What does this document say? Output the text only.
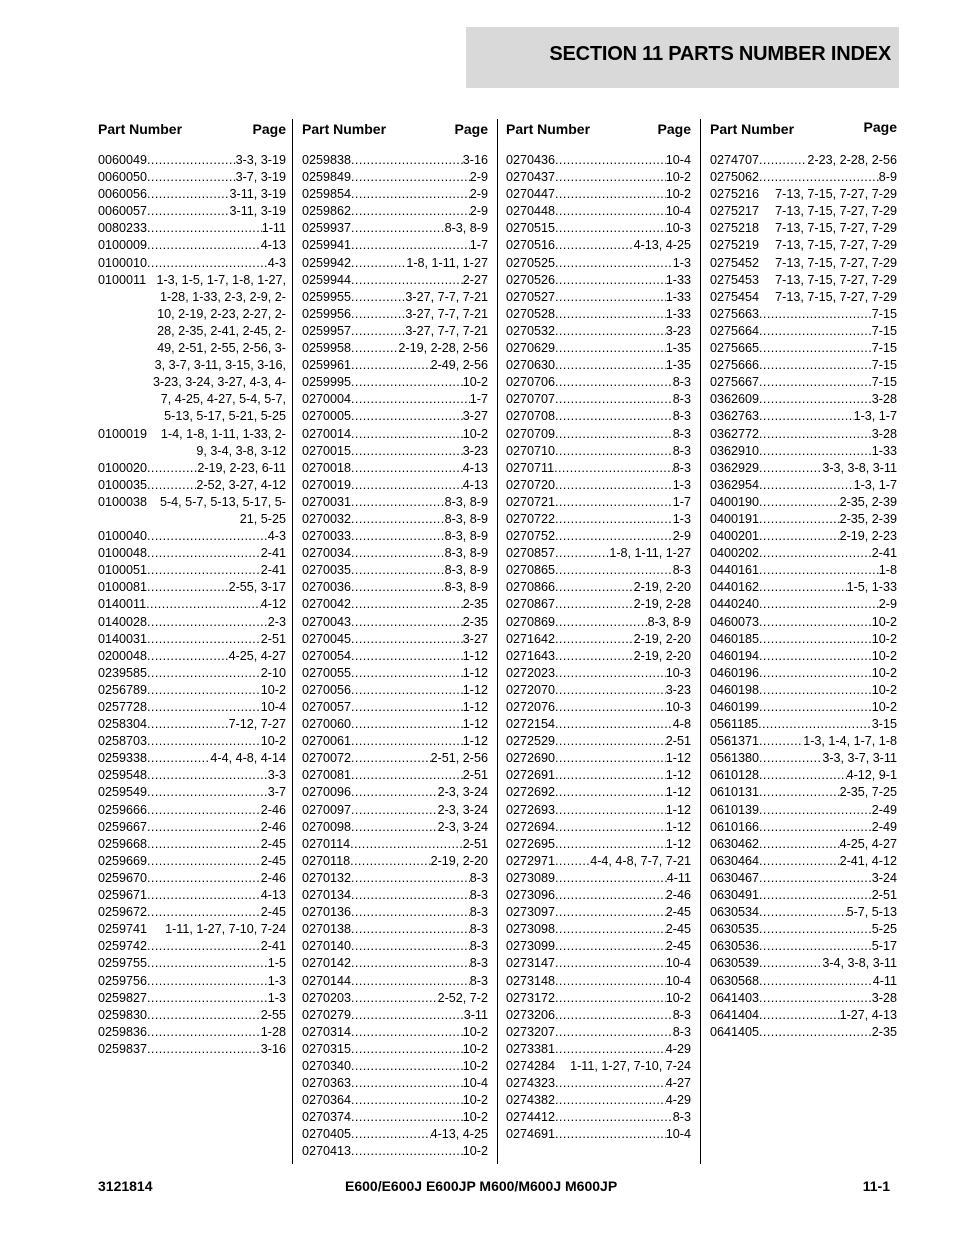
SECTION 11 PARTS NUMBER INDEX
Part Number	Page
0060049 .....	3-3, 3-19
0060050 .....	3-7, 3-19
0060056 .....	3-11, 3-19
0060057 .....	3-11, 3-19
0080233 .....	1-11
0100009 .....	4-13
0100010 .....	4-3
0100011 1-3, 1-5, 1-7, 1-8, 1-27, 1-28, 1-33, 2-3, 2-9, 2-10, 2-19, 2-23, 2-27, 2-28, 2-35, 2-41, 2-45, 2-49, 2-51, 2-55, 2-56, 3-3, 3-7, 3-11, 3-15, 3-16, 3-23, 3-24, 3-27, 4-3, 4-7, 4-25, 4-27, 5-4, 5-7, 5-13, 5-17, 5-21, 5-25
0100019	1-4, 1-8, 1-11, 1-33, 2-9, 3-4, 3-8, 3-12
0100020 .....	2-19, 2-23, 6-11
0100035 .....	2-52, 3-27, 4-12
0100038	5-4, 5-7, 5-13, 5-17, 5-21, 5-25
0100040 .....	4-3
0100048 .....	2-41
0100051 .....	2-41
0100081 .....	2-55, 3-17
0140011 .....	4-12
0140028 .....	2-3
0140031 .....	2-51
0200048 .....	4-25, 4-27
0239585 .....	2-10
0256789 .....	10-2
0257728 .....	10-4
0258304 .....	7-12, 7-27
0258703 .....	10-2
0259338 .....	4-4, 4-8, 4-14
0259548 .....	3-3
0259549 .....	3-7
0259666 .....	2-46
0259667 .....	2-46
0259668 .....	2-45
0259669 .....	2-45
0259670 .....	2-46
0259671 .....	4-13
0259672 .....	2-45
0259741	1-11, 1-27, 7-10, 7-24
0259742 .....	2-41
0259755 .....	1-5
0259756 .....	1-3
0259827 .....	1-3
0259830 .....	2-55
0259836 .....	1-28
0259837 .....	3-16
Part Number	Page
0259838 .....	3-16
0259849 .....	2-9
0259854 .....	2-9
0259862 .....	2-9
0259937 .....	8-3, 8-9
0259941 .....	1-7
0259942 .....	1-8, 1-11, 1-27
0259944 .....	2-27
0259955 .....	3-27, 7-7, 7-21
0259956 .....	3-27, 7-7, 7-21
0259957 .....	3-27, 7-7, 7-21
0259958 .....	2-19, 2-28, 2-56
0259961 .....	2-49, 2-56
0259995 .....	10-2
0270004 .....	1-7
0270005 .....	3-27
0270014 .....	10-2
0270015 .....	3-23
0270018 .....	4-13
0270019 .....	4-13
0270031 .....	8-3, 8-9
0270032 .....	8-3, 8-9
0270033 .....	8-3, 8-9
0270034 .....	8-3, 8-9
0270035 .....	8-3, 8-9
0270036 .....	8-3, 8-9
0270042 .....	2-35
0270043 .....	2-35
0270045 .....	3-27
0270054 .....	1-12
0270055 .....	1-12
0270056 .....	1-12
0270057 .....	1-12
0270060 .....	1-12
0270061 .....	1-12
0270072 .....	2-51, 2-56
0270081 .....	2-51
0270096 .....	2-3, 3-24
0270097 .....	2-3, 3-24
0270098 .....	2-3, 3-24
0270114 .....	2-51
0270118 .....	2-19, 2-20
0270132 .....	8-3
0270134 .....	8-3
0270136 .....	8-3
0270138 .....	8-3
0270140 .....	8-3
0270142 .....	8-3
0270144 .....	8-3
0270203 .....	2-52, 7-2
0270279 .....	3-11
0270314 .....	10-2
0270315 .....	10-2
0270340 .....	10-2
0270363 .....	10-4
0270364 .....	10-2
0270374 .....	10-2
0270405 .....	4-13, 4-25
0270413 .....	10-2
Part Number	Page
0270436 .....	10-4
0270437 .....	10-2
0270447 .....	10-2
0270448 .....	10-4
0270515 .....	10-3
0270516 .....	4-13, 4-25
0270525 .....	1-3
0270526 .....	1-33
0270527 .....	1-33
0270528 .....	1-33
0270532 .....	3-23
0270629 .....	1-35
0270630 .....	1-35
0270706 .....	8-3
0270707 .....	8-3
0270708 .....	8-3
0270709 .....	8-3
0270710 .....	8-3
0270711 .....	8-3
0270720 .....	1-3
0270721 .....	1-7
0270722 .....	1-3
0270752 .....	2-9
0270857 .....	1-8, 1-11, 1-27
0270865 .....	8-3
0270866 .....	2-19, 2-20
0270867 .....	2-19, 2-28
0270869 .....	8-3, 8-9
0271642 .....	2-19, 2-20
0271643 .....	2-19, 2-20
0272023 .....	10-3
0272070 .....	3-23
0272076 .....	10-3
0272154 .....	4-8
0272529 .....	2-51
0272690 .....	1-12
0272691 .....	1-12
0272692 .....	1-12
0272693 .....	1-12
0272694 .....	1-12
0272695 .....	1-12
0272971 .....	4-4, 4-8, 7-7, 7-21
0273089 .....	4-11
0273096 .....	2-46
0273097 .....	2-45
0273098 .....	2-45
0273099 .....	2-45
0273147 .....	10-4
0273148 .....	10-4
0273172 .....	10-2
0273206 .....	8-3
0273207 .....	8-3
0273381 .....	4-29
0274284	1-11, 1-27, 7-10, 7-24
0274323 .....	4-27
0274382 .....	4-29
0274412 .....	8-3
0274691 .....	10-4
Part Number	Page
0274707 .....	2-23, 2-28, 2-56
0275062 .....	8-9
0275216	7-13, 7-15, 7-27, 7-29
0275217	7-13, 7-15, 7-27, 7-29
0275218	7-13, 7-15, 7-27, 7-29
0275219	7-13, 7-15, 7-27, 7-29
0275452	7-13, 7-15, 7-27, 7-29
0275453	7-13, 7-15, 7-27, 7-29
0275454	7-13, 7-15, 7-27, 7-29
0275663 .....	7-15
0275664 .....	7-15
0275665 .....	7-15
0275666 .....	7-15
0275667 .....	7-15
0362609 .....	3-28
0362763 .....	1-3, 1-7
0362772 .....	3-28
0362910 .....	1-33
0362929 .....	3-3, 3-8, 3-11
0362954 .....	1-3, 1-7
0400190 .....	2-35, 2-39
0400191 .....	2-35, 2-39
0400201 .....	2-19, 2-23
0400202 .....	2-41
0440161 .....	1-8
0440162 .....	1-5, 1-33
0440240 .....	2-9
0460073 .....	10-2
0460185 .....	10-2
0460194 .....	10-2
0460196 .....	10-2
0460198 .....	10-2
0460199 .....	10-2
0561185 .....	3-15
0561371 .....	1-3, 1-4, 1-7, 1-8
0561380 .....	3-3, 3-7, 3-11
0610128 .....	4-12, 9-1
0610131 .....	2-35, 7-25
0610139 .....	2-49
0610166 .....	2-49
0630462 .....	4-25, 4-27
0630464 .....	2-41, 4-12
0630467 .....	3-24
0630491 .....	2-51
0630534 .....	5-7, 5-13
0630535 .....	5-25
0630536 .....	5-17
0630539 .....	3-4, 3-8, 3-11
0630568 .....	4-11
0641403 .....	3-28
0641404 .....	1-27, 4-13
0641405 .....	2-35
3121814	E600/E600J E600JP M600/M600J M600JP	11-1
